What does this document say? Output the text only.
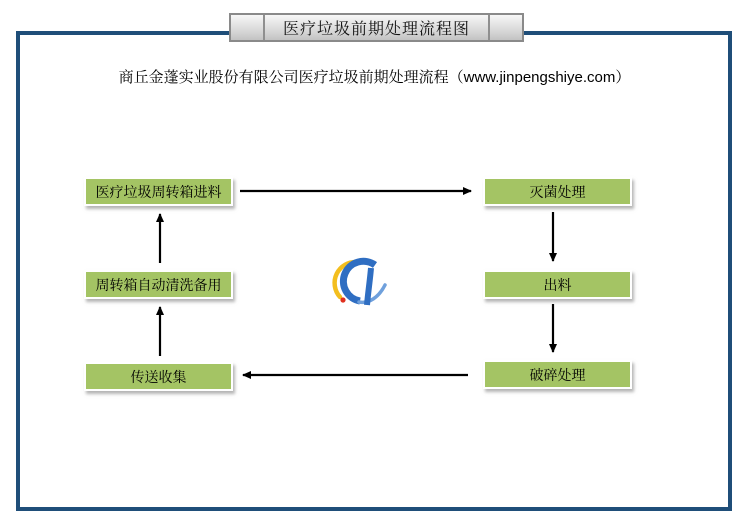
医疗垃圾前期处理流程图
商丘金蓬实业股份有限公司医疗垃圾前期处理流程（www.jinpengshiye.com）
医疗垃圾周转箱进料	灭菌处理
出料
破碎处理
传送收集
周转箱自动清洗备用
